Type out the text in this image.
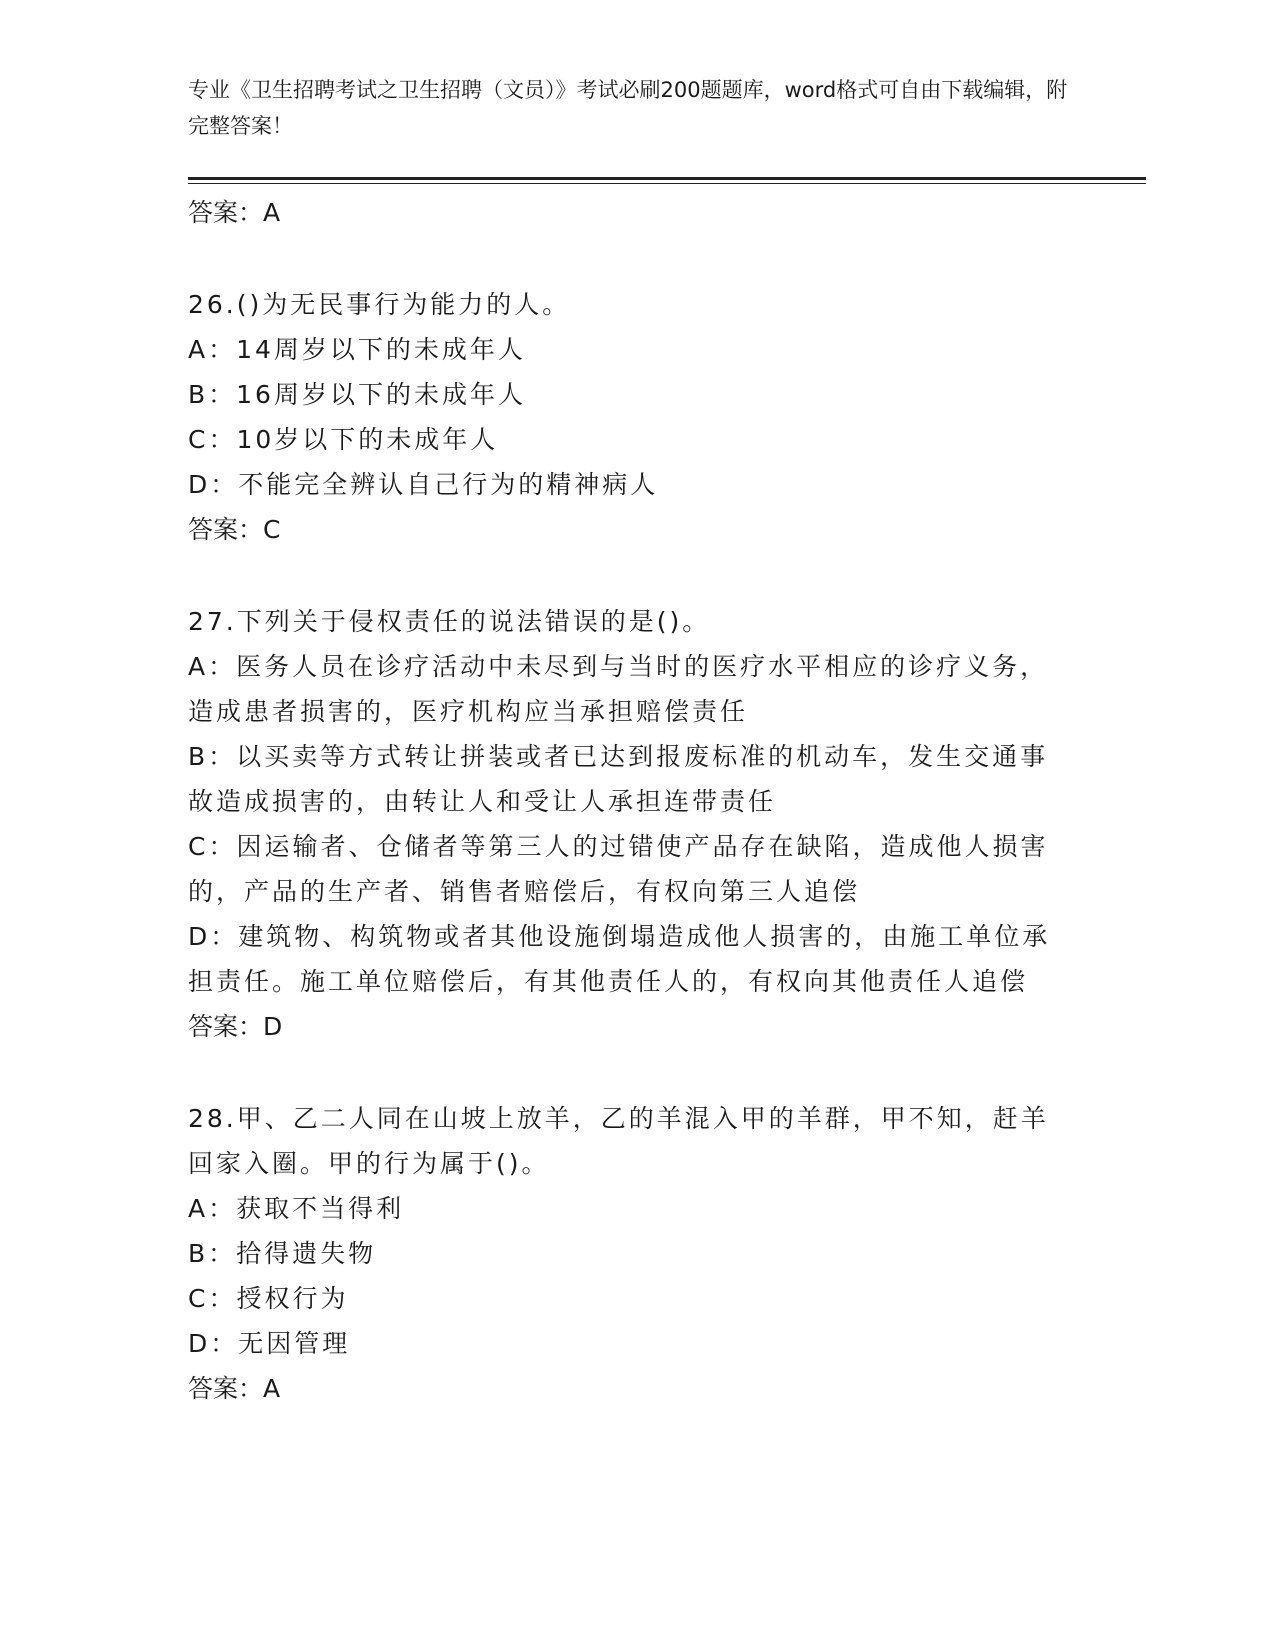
专业《卫生招聘考试之卫生招聘（文员）》考试必刷200题题库，word格式可自由下载编辑，附完整答案！
答案：A
26.()为无民事行为能力的人。
A：14周岁以下的未成年人
B：16周岁以下的未成年人
C：10岁以下的未成年人
D：不能完全辨认自己行为的精神病人
答案：C
27.下列关于侵权责任的说法错误的是()。
A：医务人员在诊疗活动中未尽到与当时的医疗水平相应的诊疗义务，
造成患者损害的，医疗机构应当承担赔偿责任
B：以买卖等方式转让拼装或者已达到报废标准的机动车，发生交通事
故造成损害的，由转让人和受让人承担连带责任
C：因运输者、仓储者等第三人的过错使产品存在缺陷，造成他人损害
的，产品的生产者、销售者赔偿后，有权向第三人追偿
D：建筑物、构筑物或者其他设施倒塌造成他人损害的，由施工单位承
担责任。施工单位赔偿后，有其他责任人的，有权向其他责任人追偿
答案：D
28.甲、乙二人同在山坡上放羊，乙的羊混入甲的羊群，甲不知，赶羊
回家入圈。甲的行为属于()。
A：获取不当得利
B：拾得遗失物
C：授权行为
D：无因管理
答案：A
